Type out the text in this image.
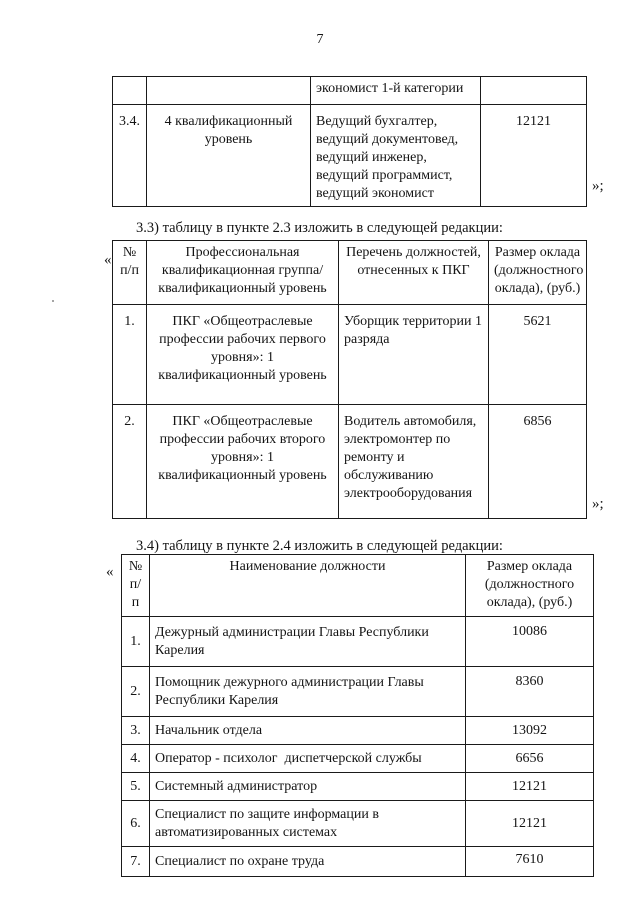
7
		экономист 1-й категории	
3.4.	4 квалификационный уровень	Ведущий бухгалтер, ведущий документовед, ведущий инженер, ведущий программист, ведущий экономист	12121
»;
3.3) таблицу в пункте 2.3 изложить в следующей редакции:
« № п/п	Профессиональная квалификационная группа/ квалификационный уровень	Перечень должностей, отнесенных к ПКГ	Размер оклада (должностного оклада), (руб.)
1.	ПКГ «Общеотраслевые профессии рабочих первого уровня»: 1 квалификационный уровень	Уборщик территории 1 разряда	5621
2.	ПКГ «Общеотраслевые профессии рабочих второго уровня»: 1 квалификационный уровень	Водитель автомобиля, электромонтер по ремонту и обслуживанию электрооборудования	6856
»;
3.4) таблицу в пункте 2.4 изложить в следующей редакции:
« № п/п	Наименование должности	Размер оклада (должностного оклада), (руб.)
1.	Дежурный администрации Главы Республики Карелия	10086
2.	Помощник дежурного администрации Главы Республики Карелия	8360
3.	Начальник отдела	13092
4.	Оператор - психолог  диспетчерской службы	6656
5.	Системный администратор	12121
6.	Специалист по защите информации в автоматизированных системах	12121
7.	Специалист по охране труда	7610
